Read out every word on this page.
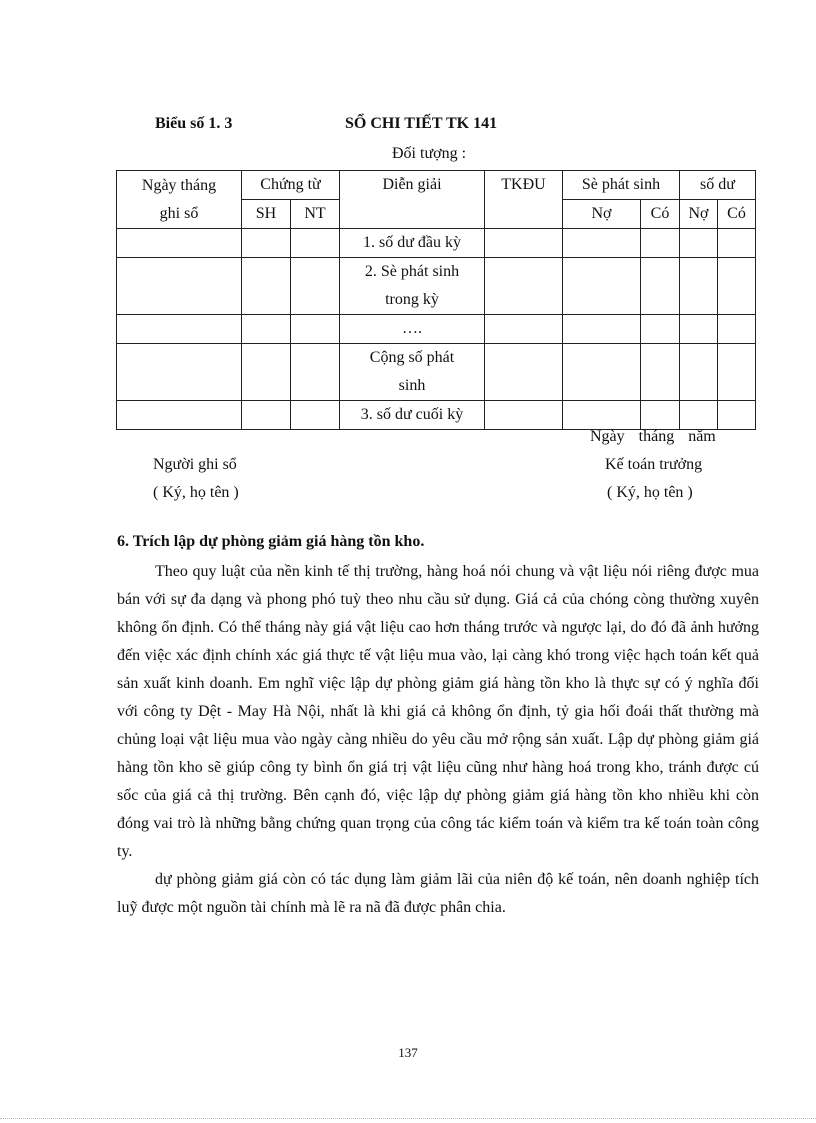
Biểu số 1. 3	SỔ CHI TIẾT TK 141
Đối tượng :
Ngày tháng
ghi sổ	Chứng từ		Diễn giải	TKĐU	Sè phát sinh		số dư	
	SH	NT			Nợ	Có	Nợ	Có
			1. số dư đầu kỳ					

			2. Sè phát sinh
trong kỳ					

			….					

			Cộng số phát
sinh					

			3. số dư cuối kỳ					
Ngày tháng năm
Người ghi sổ
( Ký, họ tên )
Kế toán trưởng
( Ký, họ tên )
6. Trích lập dự phòng giảm giá hàng tồn kho.

Theo quy luật của nền kinh tế thị trường, hàng hoá nói chung và vật liệu nói riêng được mua bán với sự đa dạng và phong phó tuỳ theo nhu cầu sử dụng. Giá cả của chóng còng thường xuyên không ổn định. Có thể tháng này giá vật liệu cao hơn tháng trước và ngược lại, do đó đã ảnh hưởng đến việc xác định chính xác giá thực tế vật liệu mua vào, lại càng khó trong việc hạch toán kết quả sản xuất kinh doanh. Em nghĩ việc lập dự phòng giảm giá hàng tồn kho là thực sự có ý nghĩa đối với công ty Dệt - May Hà Nội, nhất là khi giá cả không ổn định, tỷ gia hối đoái thất thường mà chủng loại vật liệu mua vào ngày càng nhiều do yêu cầu mở rộng sản xuất. Lập dự phòng giảm giá hàng tồn kho sẽ giúp công ty bình ổn giá trị vật liệu cũng như hàng hoá trong kho, tránh được cú sốc của giá cả thị trường. Bên cạnh đó, việc lập dự phòng giảm giá hàng tồn kho nhiều khi còn đóng vai trò là những bằng chứng quan trọng của công tác kiểm toán và kiểm tra kế toán toàn công ty.

dự phòng giảm giá còn có tác dụng làm giảm lãi của niên độ kế toán, nên doanh nghiệp tích luỹ được một nguồn tài chính mà lẽ ra nã đã được phân chia.

137
